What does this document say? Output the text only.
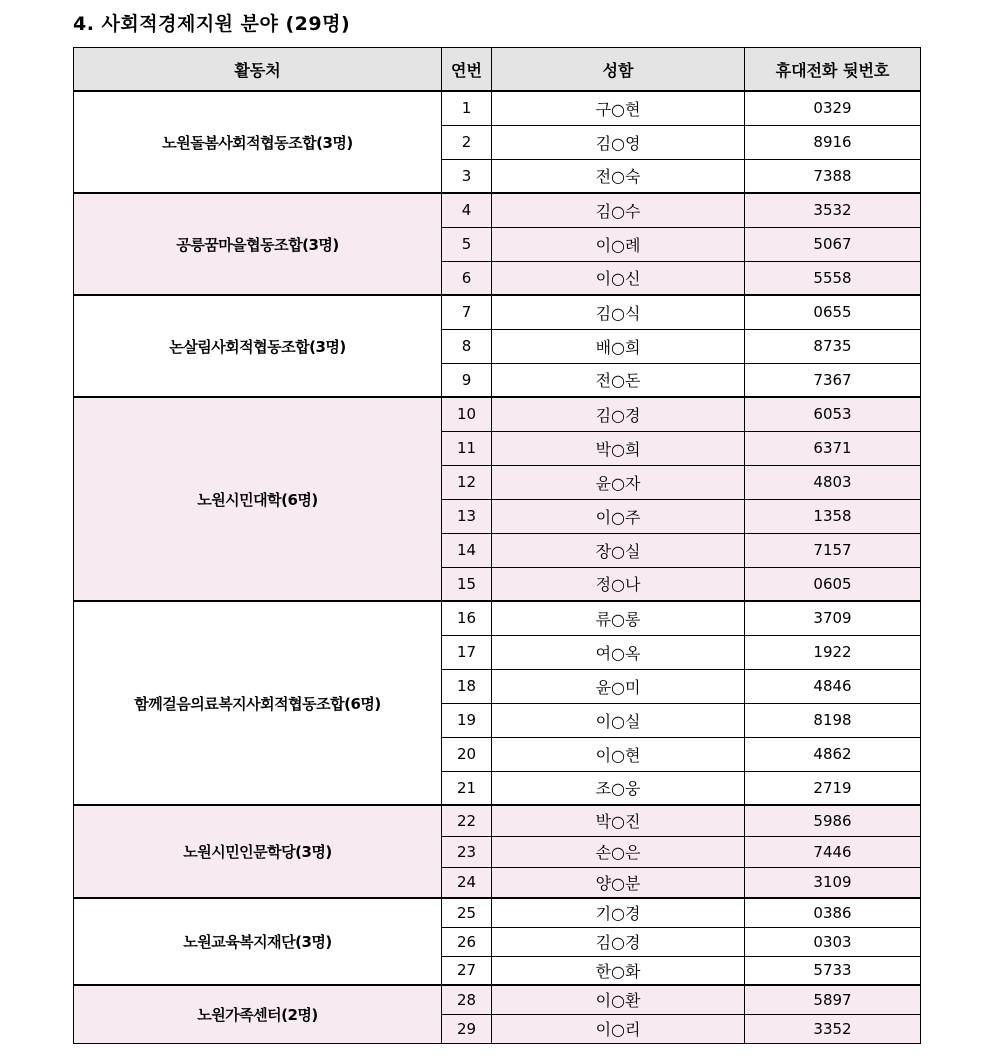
4. 사회적경제지원 분야 (29명)
활동처	연번	성함	휴대전화 뒷번호
노원돌봄사회적협동조합(3명)	1	구○현	0329
	2	김○영	8916
	3	전○숙	7388
공릉꿈마을협동조합(3명)	4	김○수	3532
	5	이○례	5067
	6	이○신	5558
논살림사회적협동조합(3명)	7	김○식	0655
	8	배○희	8735
	9	전○돈	7367
노원시민대학(6명)	10	김○경	6053
	11	박○희	6371
	12	윤○자	4803
	13	이○주	1358
	14	장○실	7157
	15	정○나	0605
함께걸음의료복지사회적협동조합(6명)	16	류○롱	3709
	17	여○옥	1922
	18	윤○미	4846
	19	이○실	8198
	20	이○현	4862
	21	조○웅	2719
노원시민인문학당(3명)	22	박○진	5986
	23	손○은	7446
	24	양○분	3109
노원교육복지재단(3명)	25	기○경	0386
	26	김○경	0303
	27	한○화	5733
노원가족센터(2명)	28	이○환	5897
	29	이○리	3352
